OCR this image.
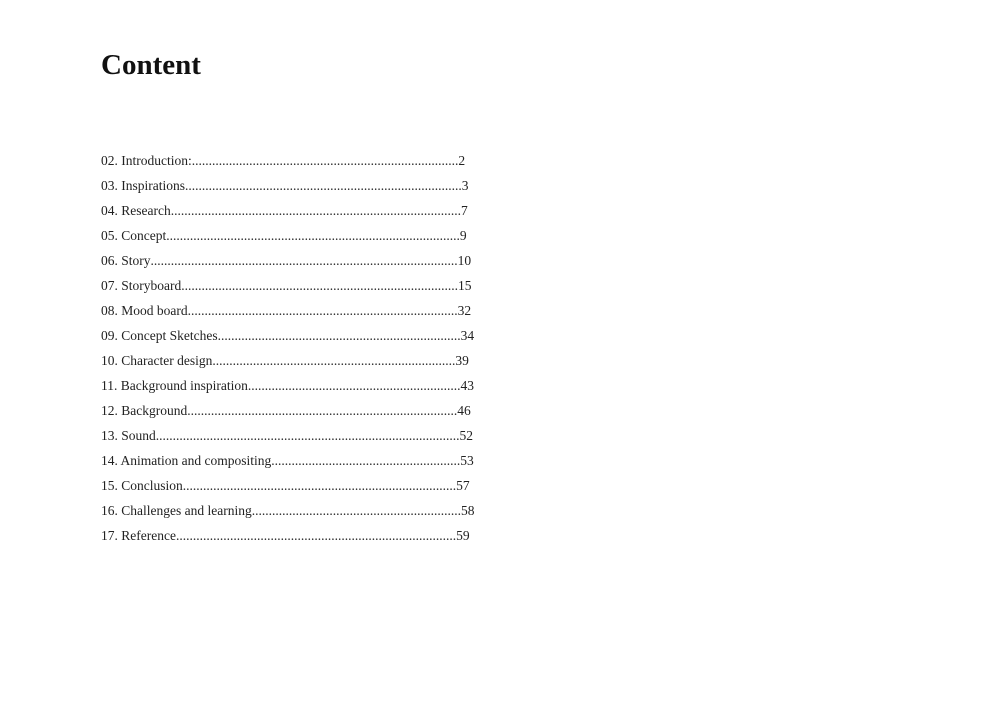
Content
02. Introduction:...............................................................................2
03. Inspirations..................................................................................3
04. Research......................................................................................7
05. Concept.......................................................................................9
06. Story...........................................................................................10
07. Storyboard..................................................................................15
08. Mood board................................................................................32
09. Concept Sketches........................................................................34
10. Character design........................................................................39
11. Background inspiration...............................................................43
12. Background................................................................................46
13. Sound..........................................................................................52
14. Animation and compositing........................................................53
15. Conclusion.................................................................................57
16. Challenges and learning..............................................................58
17. Reference...................................................................................59
